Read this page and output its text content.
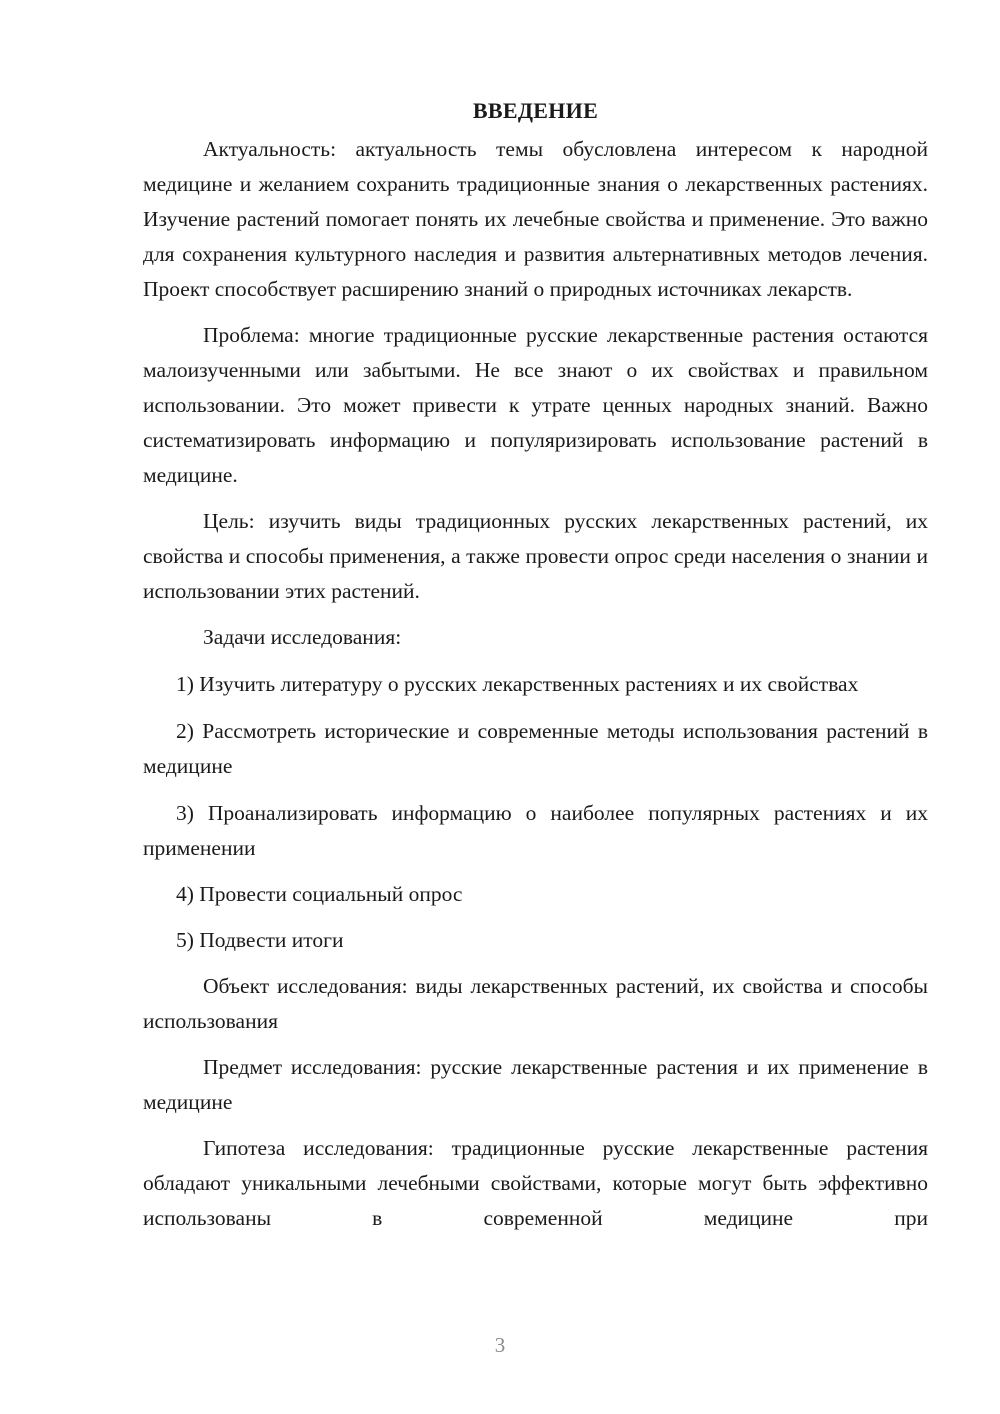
ВВЕДЕНИЕ

Актуальность: актуальность темы обусловлена интересом к народной медицине и желанием сохранить традиционные знания о лекарственных растениях. Изучение растений помогает понять их лечебные свойства и применение. Это важно для сохранения культурного наследия и развития альтернативных методов лечения. Проект способствует расширению знаний о природных источниках лекарств.

Проблема: многие традиционные русские лекарственные растения остаются малоизученными или забытыми. Не все знают о их свойствах и правильном использовании. Это может привести к утрате ценных народных знаний. Важно систематизировать информацию и популяризировать использование растений в медицине.

Цель: изучить виды традиционных русских лекарственных растений, их свойства и способы применения, а также провести опрос среди населения о знании и использовании этих растений.

Задачи исследования:

1) Изучить литературу о русских лекарственных растениях и их свойствах

2) Рассмотреть исторические и современные методы использования растений в медицине

3) Проанализировать информацию о наиболее популярных растениях и их применении

4) Провести социальный опрос

5) Подвести итоги

Объект исследования: виды лекарственных растений, их свойства и способы использования

Предмет исследования: русские лекарственные растения и их применение в медицине

Гипотеза исследования: традиционные русские лекарственные растения обладают уникальными лечебными свойствами, которые могут быть эффективно использованы в современной медицине при

3
